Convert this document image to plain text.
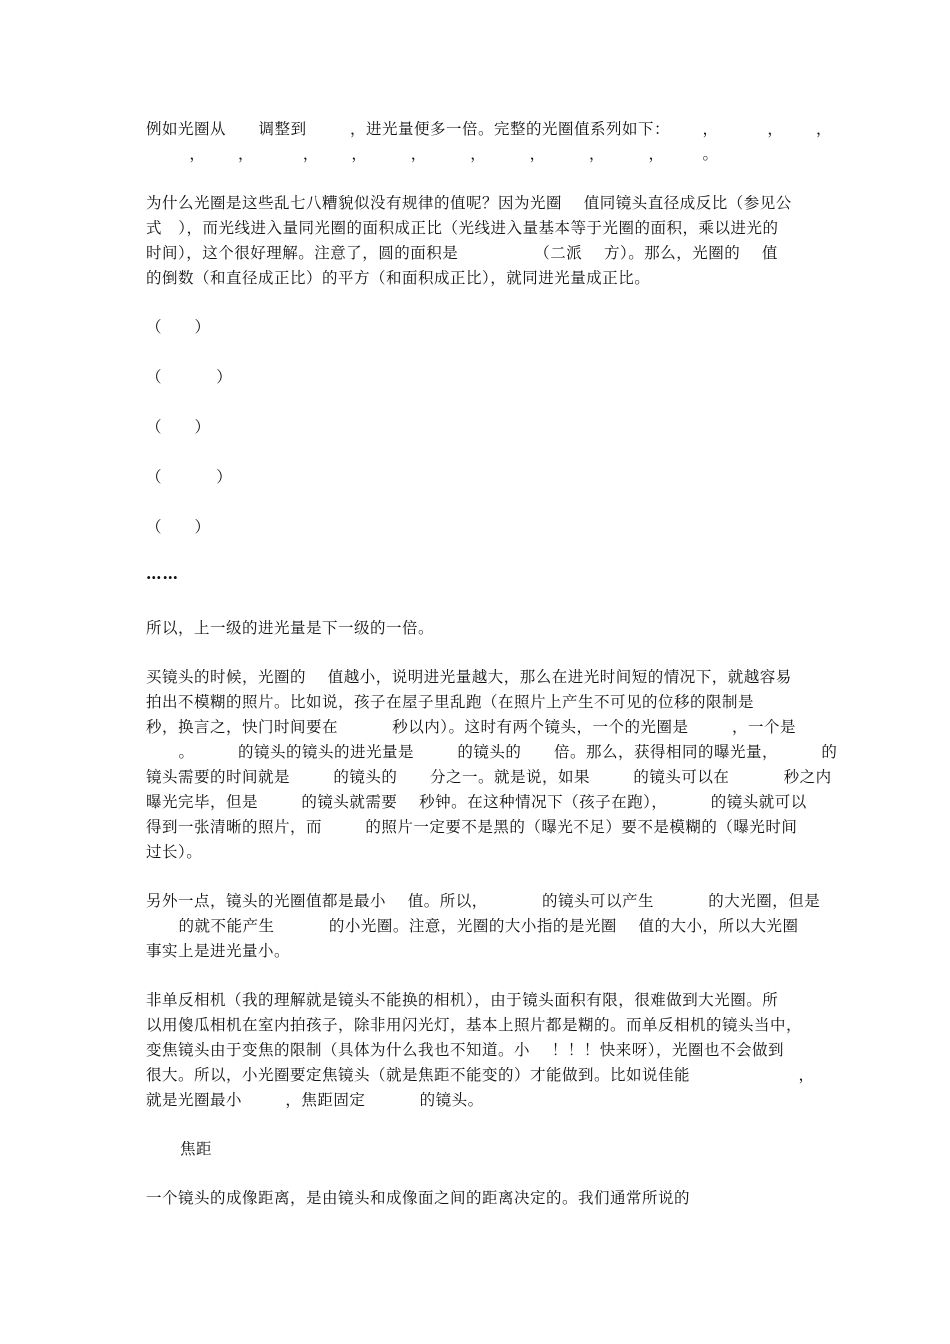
例如光圈从      调整到        ，进光量便多一倍。完整的光圈值系列如下：      ，         ，      ，
，      ，         ，      ，        ，        ，        ，        ，        ，       。
为什么光圈是这些乱七八糟貌似没有规律的值呢？因为光圈    值同镜头直径成反比（参见公
式   ），而光线进入量同光圈的面积成正比（光线进入量基本等于光圈的面积，乘以进光的
时间），这个很好理解。注意了，圆的面积是              （二派    方）。那么，光圈的    值
的倒数（和直径成正比）的平方（和面积成正比），就同进光量成正比。
（      ）
（          ）
（      ）
（          ）
（      ）
……
所以，上一级的进光量是下一级的一倍。
买镜头的时候，光圈的    值越小，说明进光量越大，那么在进光时间短的情况下，就越容易
拍出不模糊的照片。比如说，孩子在屋子里乱跑（在照片上产生不可见的位移的限制是
秒，换言之，快门时间要在          秒以内）。这时有两个镜头，一个的光圈是        ，一个是
。        的镜头的镜头的进光量是        的镜头的      倍。那么，获得相同的曝光量，        的
镜头需要的时间就是        的镜头的      分之一。就是说，如果        的镜头可以在          秒之内
曝光完毕，但是        的镜头就需要    秒钟。在这种情况下（孩子在跑），        的镜头就可以
得到一张清晰的照片，而        的照片一定要不是黑的（曝光不足）要不是模糊的（曝光时间
过长）。
另外一点，镜头的光圈值都是最小    值。所以，          的镜头可以产生          的大光圈，但是
的就不能产生          的小光圈。注意，光圈的大小指的是光圈    值的大小，所以大光圈
事实上是进光量小。
非单反相机（我的理解就是镜头不能换的相机），由于镜头面积有限，很难做到大光圈。所
以用傻瓜相机在室内拍孩子，除非用闪光灯，基本上照片都是糊的。而单反相机的镜头当中，
变焦镜头由于变焦的限制（具体为什么我也不知道。小    ！！！快来呀），光圈也不会做到
很大。所以，小光圈要定焦镜头（就是焦距不能变的）才能做到。比如说佳能                    ，
就是光圈最小        ，焦距固定          的镜头。
焦距
一个镜头的成像距离，是由镜头和成像面之间的距离决定的。我们通常所说的
